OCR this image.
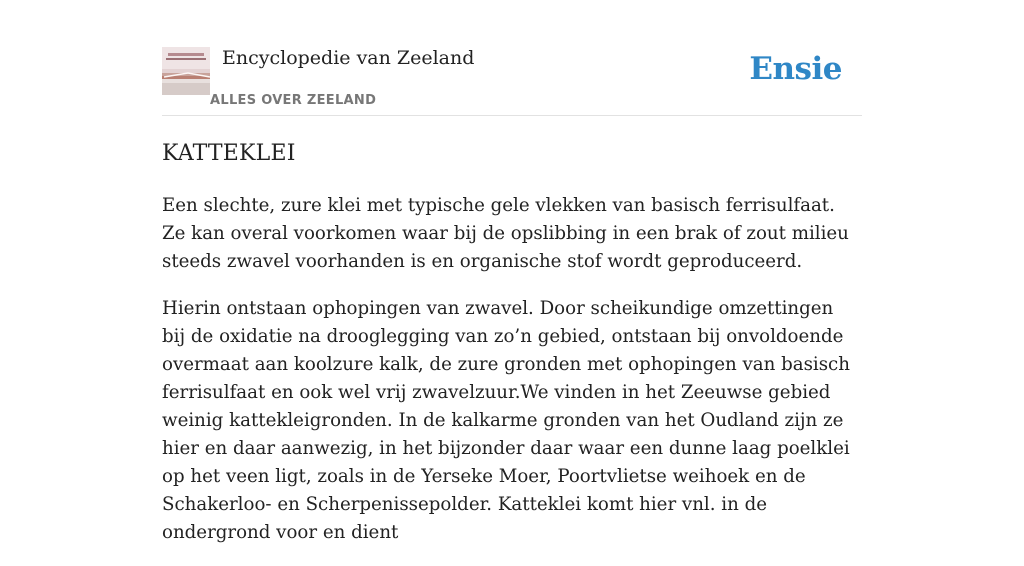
Encyclopedie van Zeeland
ALLES OVER ZEELAND
Ensie
KATTEKLEI

Een slechte, zure klei met typische gele vlekken van basisch ferrisulfaat. Ze kan overal voorkomen waar bij de opslibbing in een brak of zout milieu steeds zwavel voorhanden is en organische stof wordt geproduceerd.

Hierin ontstaan ophopingen van zwavel. Door scheikundige omzettingen bij de oxidatie na drooglegging van zo’n gebied, ontstaan bij onvoldoende overmaat aan koolzure kalk, de zure gronden met ophopingen van basisch ferrisulfaat en ook wel vrij zwavelzuur.We vinden in het Zeeuwse gebied weinig kattekleigronden. In de kalkarme gronden van het Oudland zijn ze hier en daar aanwezig, in het bijzonder daar waar een dunne laag poelklei op het veen ligt, zoals in de Yerseke Moer, Poortvlietse weihoek en de Schakerloo- en Scherpenissepolder. Katteklei komt hier vnl. in de ondergrond voor en dient
